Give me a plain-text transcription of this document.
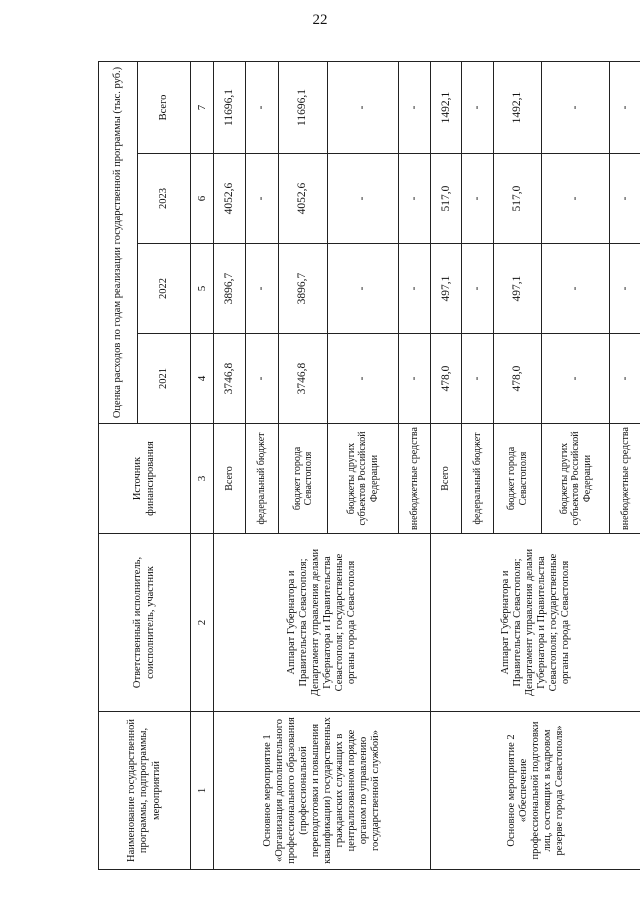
22
Наименование государственной программы, подпрограммы, мероприятий	Ответственный исполнитель, соисполнитель, участник	Источник финансирования	Оценка расходов по годам реализации государственной программы (тыс. руб.)			
			2021	2022	2023	Всего
1	2	3	4	5	6	7
Основное мероприятие 1 «Организация дополнительного профессионального образования (профессиональной переподготовки и повышения квалификации) государственных гражданских служащих в централизованном порядке органом по управлению государственной службой»	Аппарат Губернатора и Правительства Севастополя; Департамент управления делами Губернатора и Правительства Севастополя; государственные органы города Севастополя	Всего	3746,8	3896,7	4052,6	11696,1
		федеральный бюджет	-	-	-	-
		бюджет города Севастополя	3746,8	3896,7	4052,6	11696,1
		бюджеты других субъектов Российской Федерации	-	-	-	-
		внебюджетные средства	-	-	-	-
Основное мероприятие 2 «Обеспечение профессиональной подготовки лиц, состоящих в кадровом резерве города Севастополя»	Аппарат Губернатора и Правительства Севастополя; Департамент управления делами Губернатора и Правительства Севастополя; государственные органы города Севастополя	Всего	478,0	497,1	517,0	1492,1
		федеральный бюджет	-	-	-	-
		бюджет города Севастополя	478,0	497,1	517,0	1492,1
		бюджеты других субъектов Российской Федерации	-	-	-	-
		внебюджетные средства	-	-	-	-
